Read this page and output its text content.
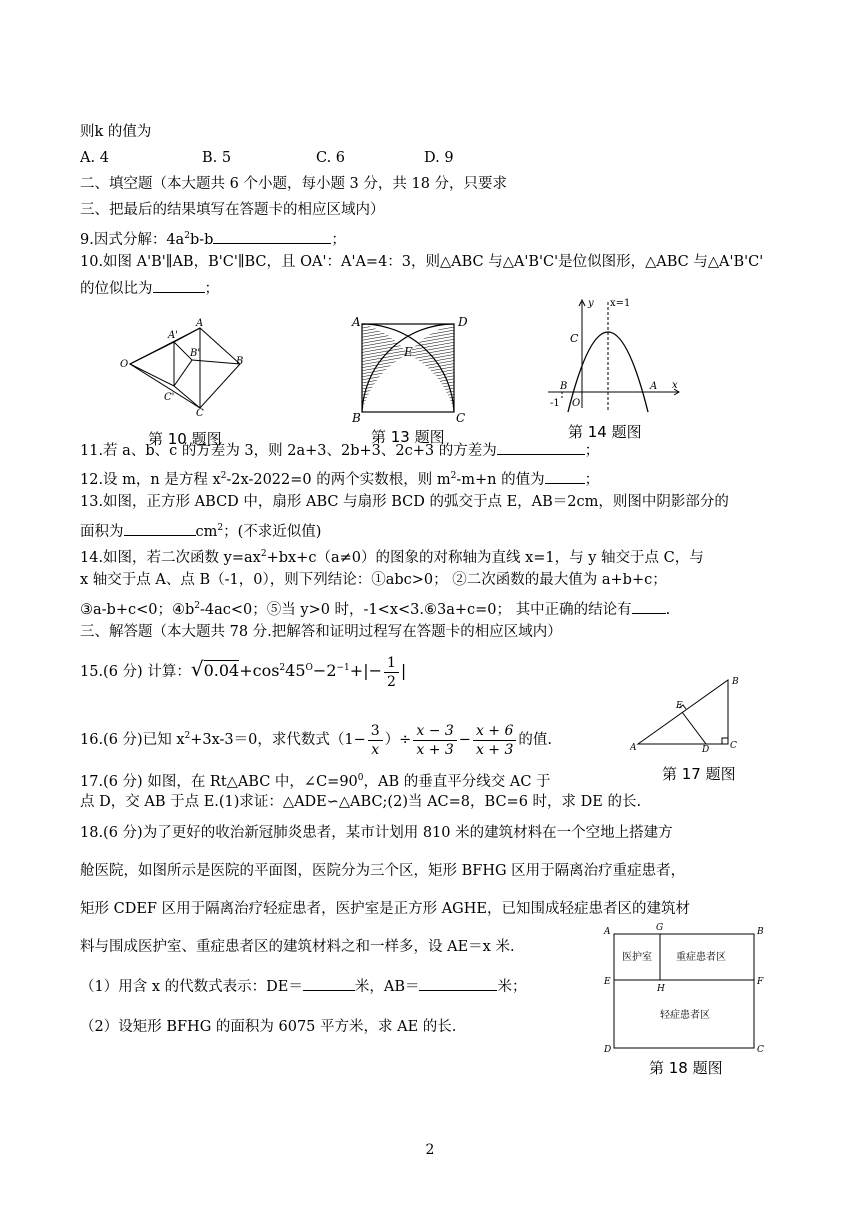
则k 的值为
A. 4	B. 5	C. 6	D. 9
二、填空题（本大题共 6 个小题，每小题 3 分，共 18 分，只要求
三、把最后的结果填写在答题卡的相应区域内）
9.因式分解：$4a^2b-b$	；
10.如图 A'B'∥AB，B'C'∥BC，且 OA'：A'A=4：3，则△ABC 与△A'B'C'是位似图形，△ABC 与△A'B'C'
的位似比为	；
O
A'
A
B'
B
C'
C
第 10 题图
A	D
E
B	C
第 13 题图
y x=1
C
B
-1 O
A x
第 14 题图
11.若 a、b、c 的方差为 3，则 2a+3、2b+3、2c+3 的方差为	；
12.设 m，n 是方程 $x^2-2x-2022=0$ 的两个实数根，则 $m^2-m+n$ 的值为	；
13.如图，正方形 ABCD 中，扇形 ABC 与扇形 BCD 的弧交于点 E，AB＝2cm，则图中阴影部分的
面积为	$cm^2$；(不求近似值)
14.如图，若二次函数 $y=ax^2+bx+c(a\ne 0)$的图象的对称轴为直线 x=1，与 y 轴交于点 C，与
x 轴交于点 A、点 B（-1，0），则下列结论：①abc>0； ②二次函数的最大值为 a+b+c；
③a-b+c<0；$④b^2-4ac<0$；⑤当 y>0 时，-1<x<3.⑥3a+c=0； 其中正确的结论有 .
三、解答题（本大题共 78 分.把解答和证明过程写在答题卡的相应区域内）
15.(6 分) 计算：$√0.04+\cos^245^O-2^{-1}+|- \frac{1}{2}$ |
16.(6 分)已知 $x^2+3x-3=0$，求代数式（$1- \frac{3}{x}$ ）÷ $\frac{x - 3}{x + 3} - \frac{x + 6}{x + 3}$ 的值.
B
E
A	D C
第 17 题图
17.(6 分) 如图，在 Rt△ABC 中，$\angle C=90^0$，AB 的垂直平分线交 AC 于
点 D，交 AB 于点 E.(1)求证：△ADE∽△ABC;(2)当 AC=8，BC=6 时，求 DE 的长.
18.(6 分)为了更好的收治新冠肺炎患者，某市计划用 810 米的建筑材料在一个空地上搭建方
舱医院，如图所示是医院的平面图，医院分为三个区，矩形 BFHG 区用于隔离治疗重症患者，
矩形 CDEF 区用于隔离治疗轻症患者，医护室是正方形 AGHE，已知围成轻症患者区的建筑材
料与围成医护室、重症患者区的建筑材料之和一样多，设 AE＝x 米.
（1）用含 x 的代数式表示：DE＝	米，AB＝	米；
（2）设矩形 BFHG 的面积为 6075 平方米，求 AE 的长.
A	G	B
E	F
H
D	C
医护室 重症患者区
轻症患者区
第 18 题图
2
